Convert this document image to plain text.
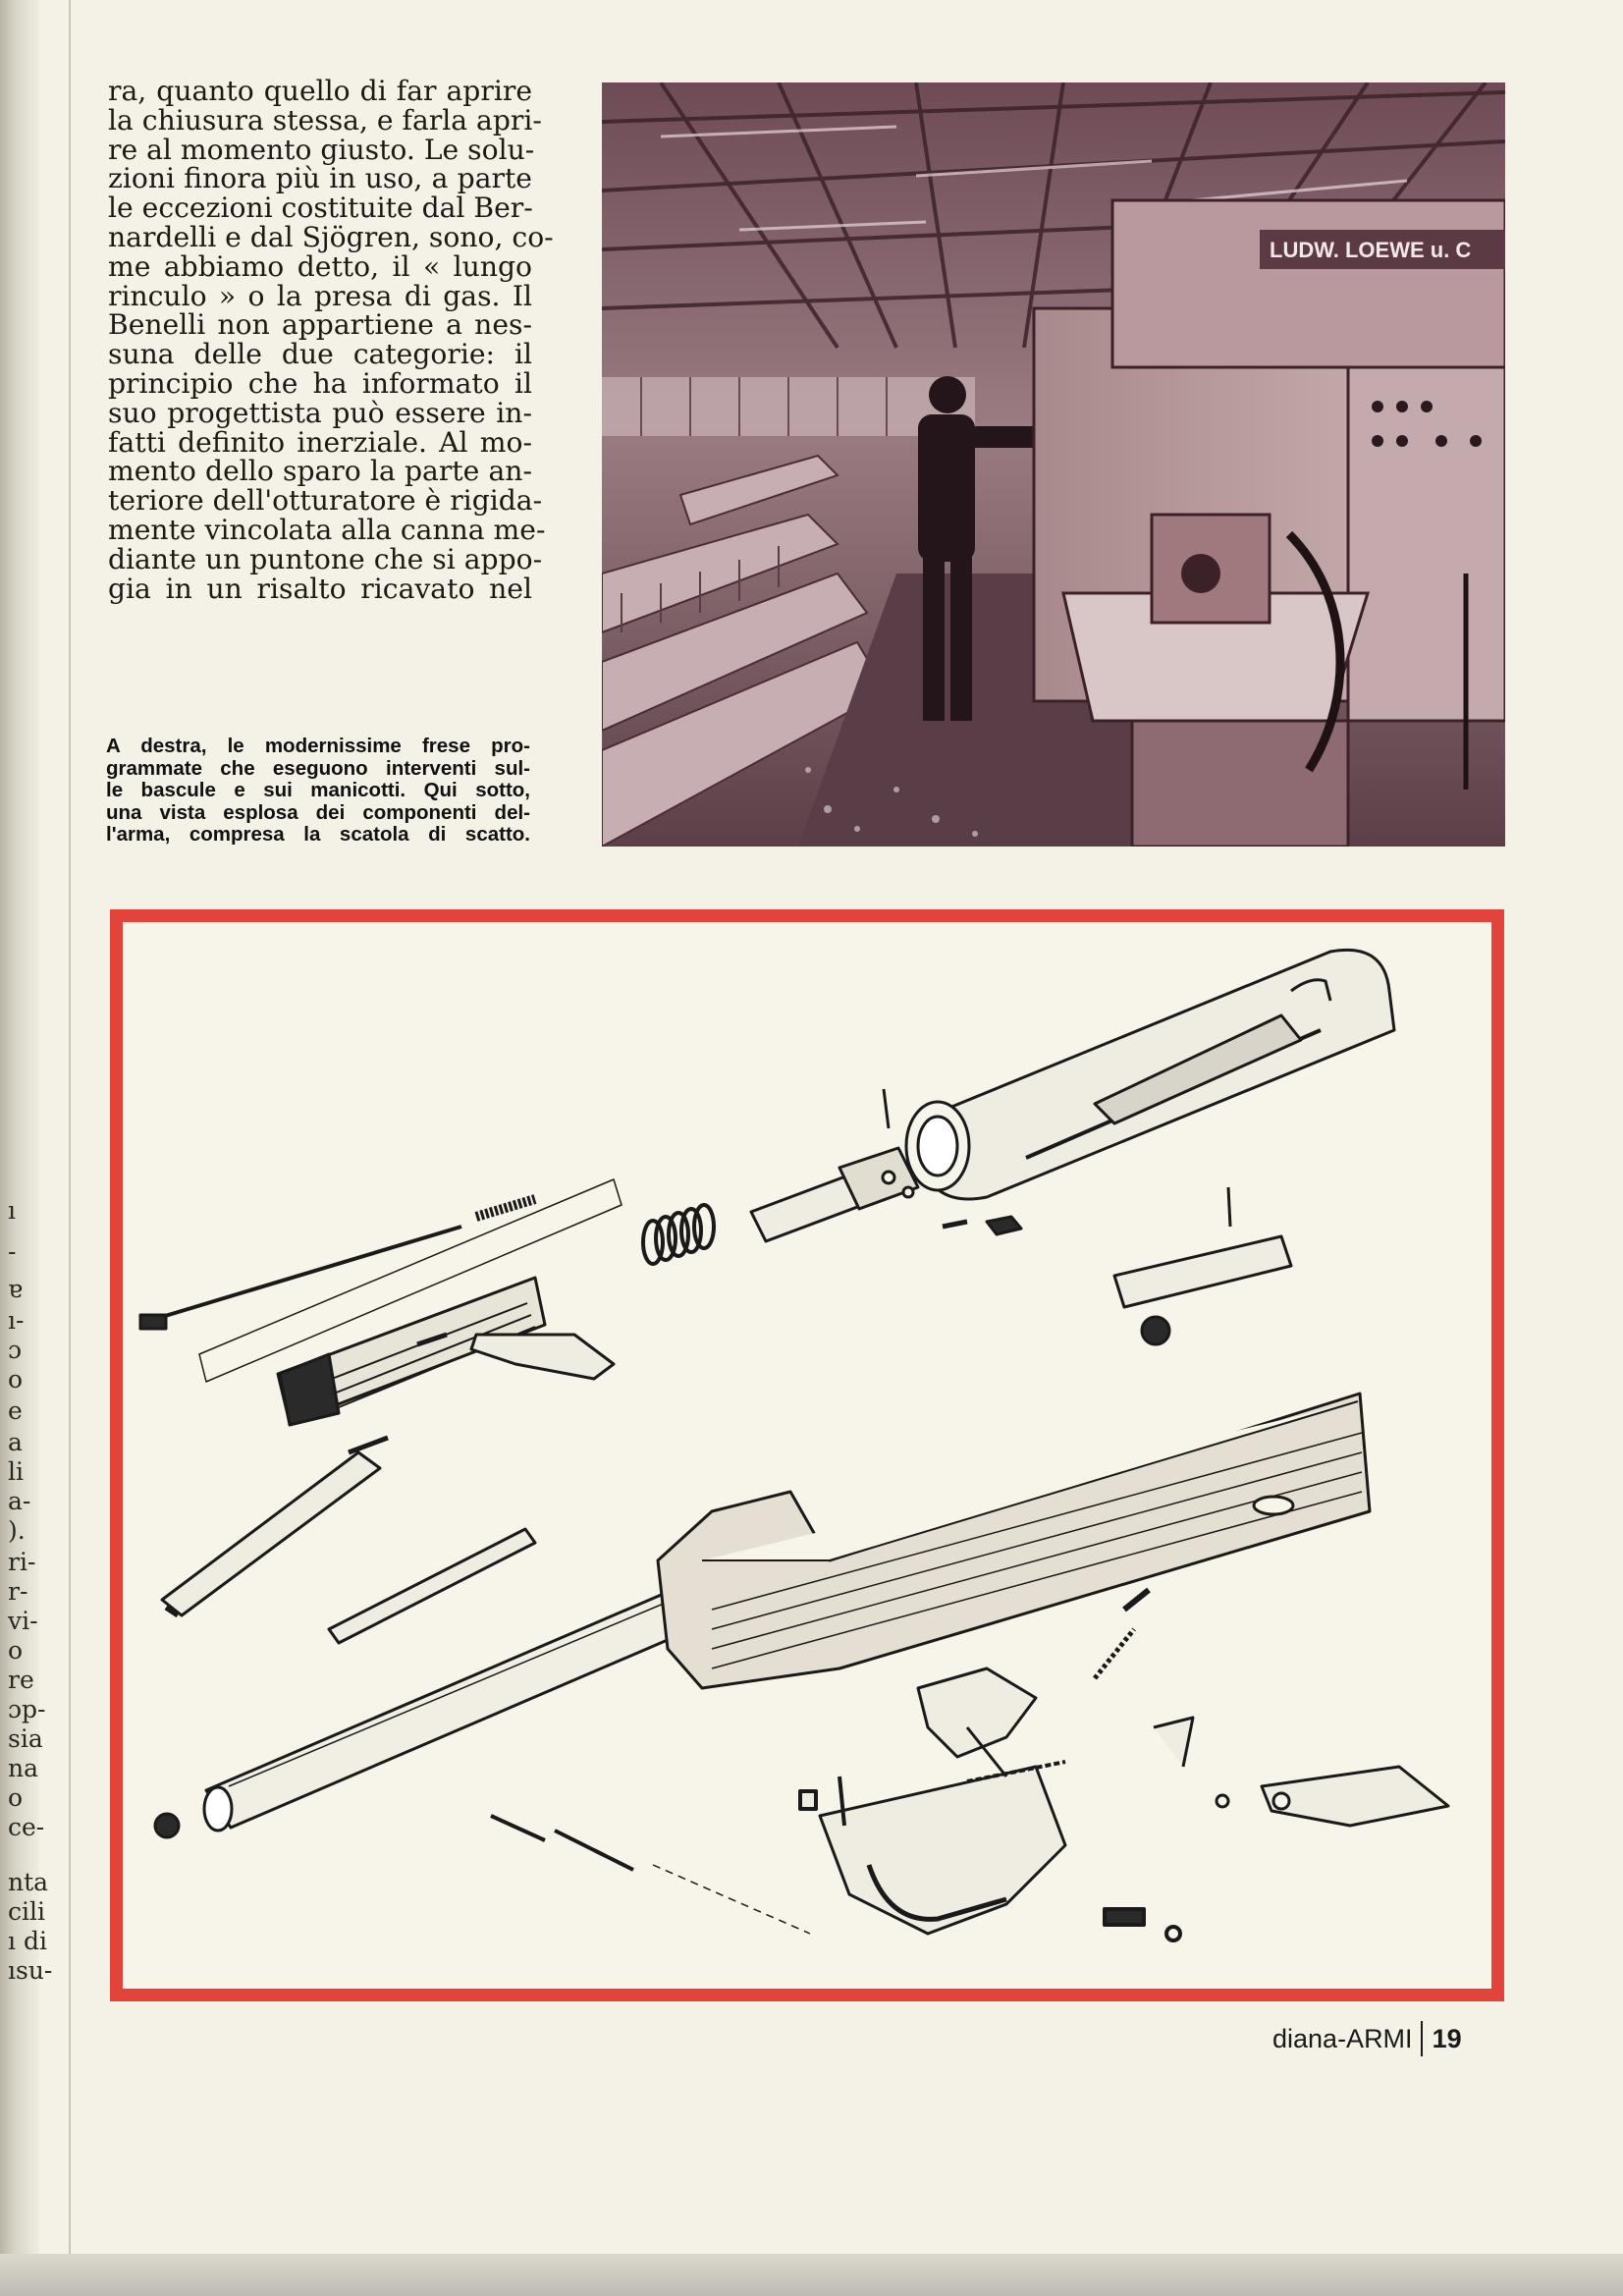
ı
-
ɐ
ı-
ɔ
o
e
a
li
a-
).
ri-
r-
vi-
o
re
ɔp-
sia
na
o
ce-
nta
cili
ı di
ısu-
ra, quanto quello di far aprire
la chiusura stessa, e farla apri-
re al momento giusto. Le solu-
zioni finora più in uso, a parte
le eccezioni costituite dal Ber-
nardelli e dal Sjögren, sono, co-
me abbiamo detto, il « lungo
rinculo » o la presa di gas. Il
Benelli non appartiene a nes-
suna delle due categorie: il
principio che ha informato il
suo progettista può essere in-
fatti definito inerziale. Al mo-
mento dello sparo la parte an-
teriore dell'otturatore è rigida-
mente vincolata alla canna me-
diante un puntone che si appo-
gia in un risalto ricavato nel
LUDW. LOEWE u. C
A destra, le modernissime frese pro-
grammate che eseguono interventi sul-
le bascule e sui manicotti. Qui sotto,
una vista esplosa dei componenti del-
l'arma, compresa la scatola di scatto.
diana-ARMI 19
